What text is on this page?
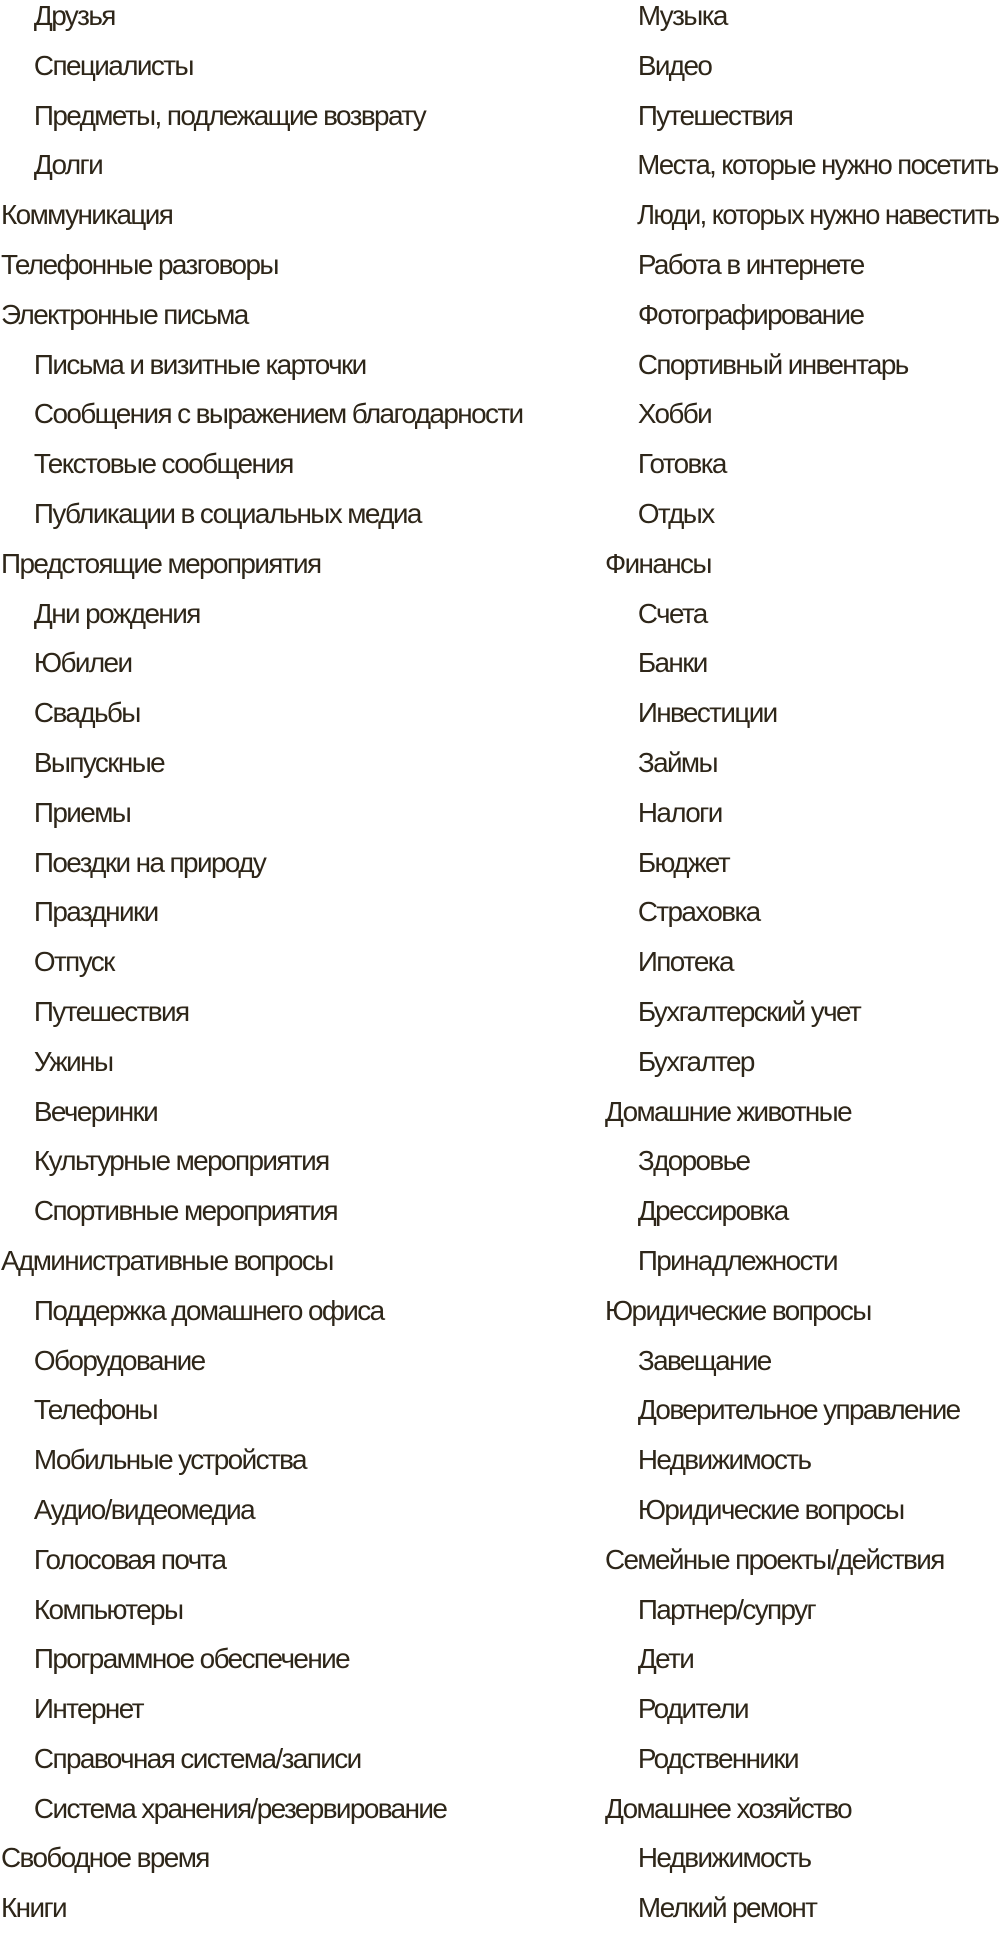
Друзья
Специалисты
Предметы, подлежащие возврату
Долги
Коммуникация
Телефонные разговоры
Электронные письма
Письма и визитные карточки
Сообщения с выражением благодарности
Текстовые сообщения
Публикации в социальных медиа
Предстоящие мероприятия
Дни рождения
Юбилеи
Свадьбы
Выпускные
Приемы
Поездки на природу
Праздники
Отпуск
Путешествия
Ужины
Вечеринки
Культурные мероприятия
Спортивные мероприятия
Административные вопросы
Поддержка домашнего офиса
Оборудование
Телефоны
Мобильные устройства
Аудио/видеомедиа
Голосовая почта
Компьютеры
Программное обеспечение
Интернет
Справочная система/записи
Система хранения/резервирование
Свободное время
Книги
Музыка
Видео
Путешествия
Места, которые нужно посетить
Люди, которых нужно навестить
Работа в интернете
Фотографирование
Спортивный инвентарь
Хобби
Готовка
Отдых
Финансы
Счета
Банки
Инвестиции
Займы
Налоги
Бюджет
Страховка
Ипотека
Бухгалтерский учет
Бухгалтер
Домашние животные
Здоровье
Дрессировка
Принадлежности
Юридические вопросы
Завещание
Доверительное управление
Недвижимость
Юридические вопросы
Семейные проекты/действия
Партнер/супруг
Дети
Родители
Родственники
Домашнее хозяйство
Недвижимость
Мелкий ремонт
